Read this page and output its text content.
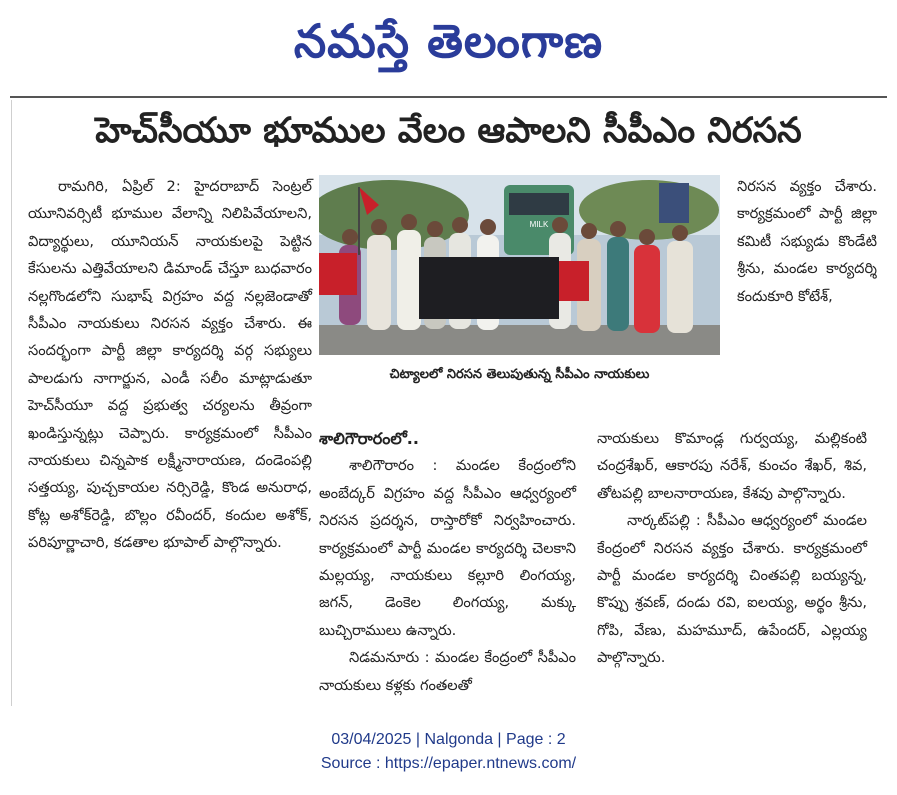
నమస్తే తెలంగాణ
హెచ్‌సీయూ భూముల వేలం ఆపాలని సీపీఎం నిరసన

రామగిరి, ఏప్రిల్ 2: హైదరాబాద్ సెంట్రల్ యూనివర్సిటీ భూముల వేలాన్ని నిలిపివేయాలని, విద్యార్థులు, యూనియన్ నాయకులపై పెట్టిన కేసులను ఎత్తివేయాలని డిమాండ్ చేస్తూ బుధవారం నల్లగొండలోని సుభాష్ విగ్రహం వద్ద నల్లజెండాతో సీపీఎం నాయకులు నిరసన వ్యక్తం చేశారు. ఈ సందర్భంగా పార్టీ జిల్లా కార్యదర్శి వర్గ సభ్యులు పాలడుగు నాగార్జున, ఎండీ సలీం మాట్లాడుతూ హెచ్‌సీయూ వద్ద ప్రభుత్వ చర్యలను తీవ్రంగా ఖండిస్తున్నట్లు చెప్పారు. కార్యక్రమంలో సీపీఎం నాయకులు చిన్నపాక లక్ష్మీనారాయణ, దండెంపల్లి సత్తయ్య, పుచ్చకాయల నర్సిరెడ్డి, కొండ అనురాధ, కోట్ల అశోక్‌రెడ్డి, బొల్లం రవీందర్, కందుల అశోక్, పరిపూర్ణాచారి, కడతాల భూపాల్ పాల్గొన్నారు.

MILK
చిట్యాలలో నిరసన తెలుపుతున్న సీపీఎం నాయకులు

నిరసన వ్యక్తం చేశారు. కార్యక్రమంలో పార్టీ జిల్లా కమిటీ సభ్యుడు కొండేటి శ్రీను, మండల కార్యదర్శి కందుకూరి కోటేశ్,

శాలిగౌరారంలో..

శాలిగౌరారం : మండల కేంద్రంలోని అంబేద్కర్ విగ్రహం వద్ద సీపీఎం ఆధ్వర్యంలో నిరసన ప్రదర్శన, రాస్తారోకో నిర్వహించారు. కార్యక్రమంలో పార్టీ మండల కార్యదర్శి చెలకాని మల్లయ్య, నాయకులు కల్లూరి లింగయ్య, జగన్, డెంకెల లింగయ్య, మక్కు బుచ్చిరాములు ఉన్నారు.

నిడమనూరు : మండల కేంద్రంలో సీపీఎం నాయకులు కళ్లకు గంతలతో

నాయకులు కొమాండ్ల గుర్వయ్య, మల్లికంటి చంద్రశేఖర్, ఆకారపు నరేశ్, కుంచం శేఖర్, శివ, తోటపల్లి బాలనారాయణ, కేశవు పాల్గొన్నారు.

నార్కట్‌పల్లి : సీపీఎం ఆధ్వర్యంలో మండల కేంద్రంలో నిరసన వ్యక్తం చేశారు. కార్యక్రమంలో పార్టీ మండల కార్యదర్శి చింతపల్లి బయ్యన్న, కొప్పు శ్రవణ్, దండు రవి, ఐలయ్య, అర్థం శ్రీను, గోపి, వేణు, మహమూద్, ఉపేందర్, ఎల్లయ్య పాల్గొన్నారు.

03/04/2025 | Nalgonda | Page : 2
Source : https://epaper.ntnews.com/
